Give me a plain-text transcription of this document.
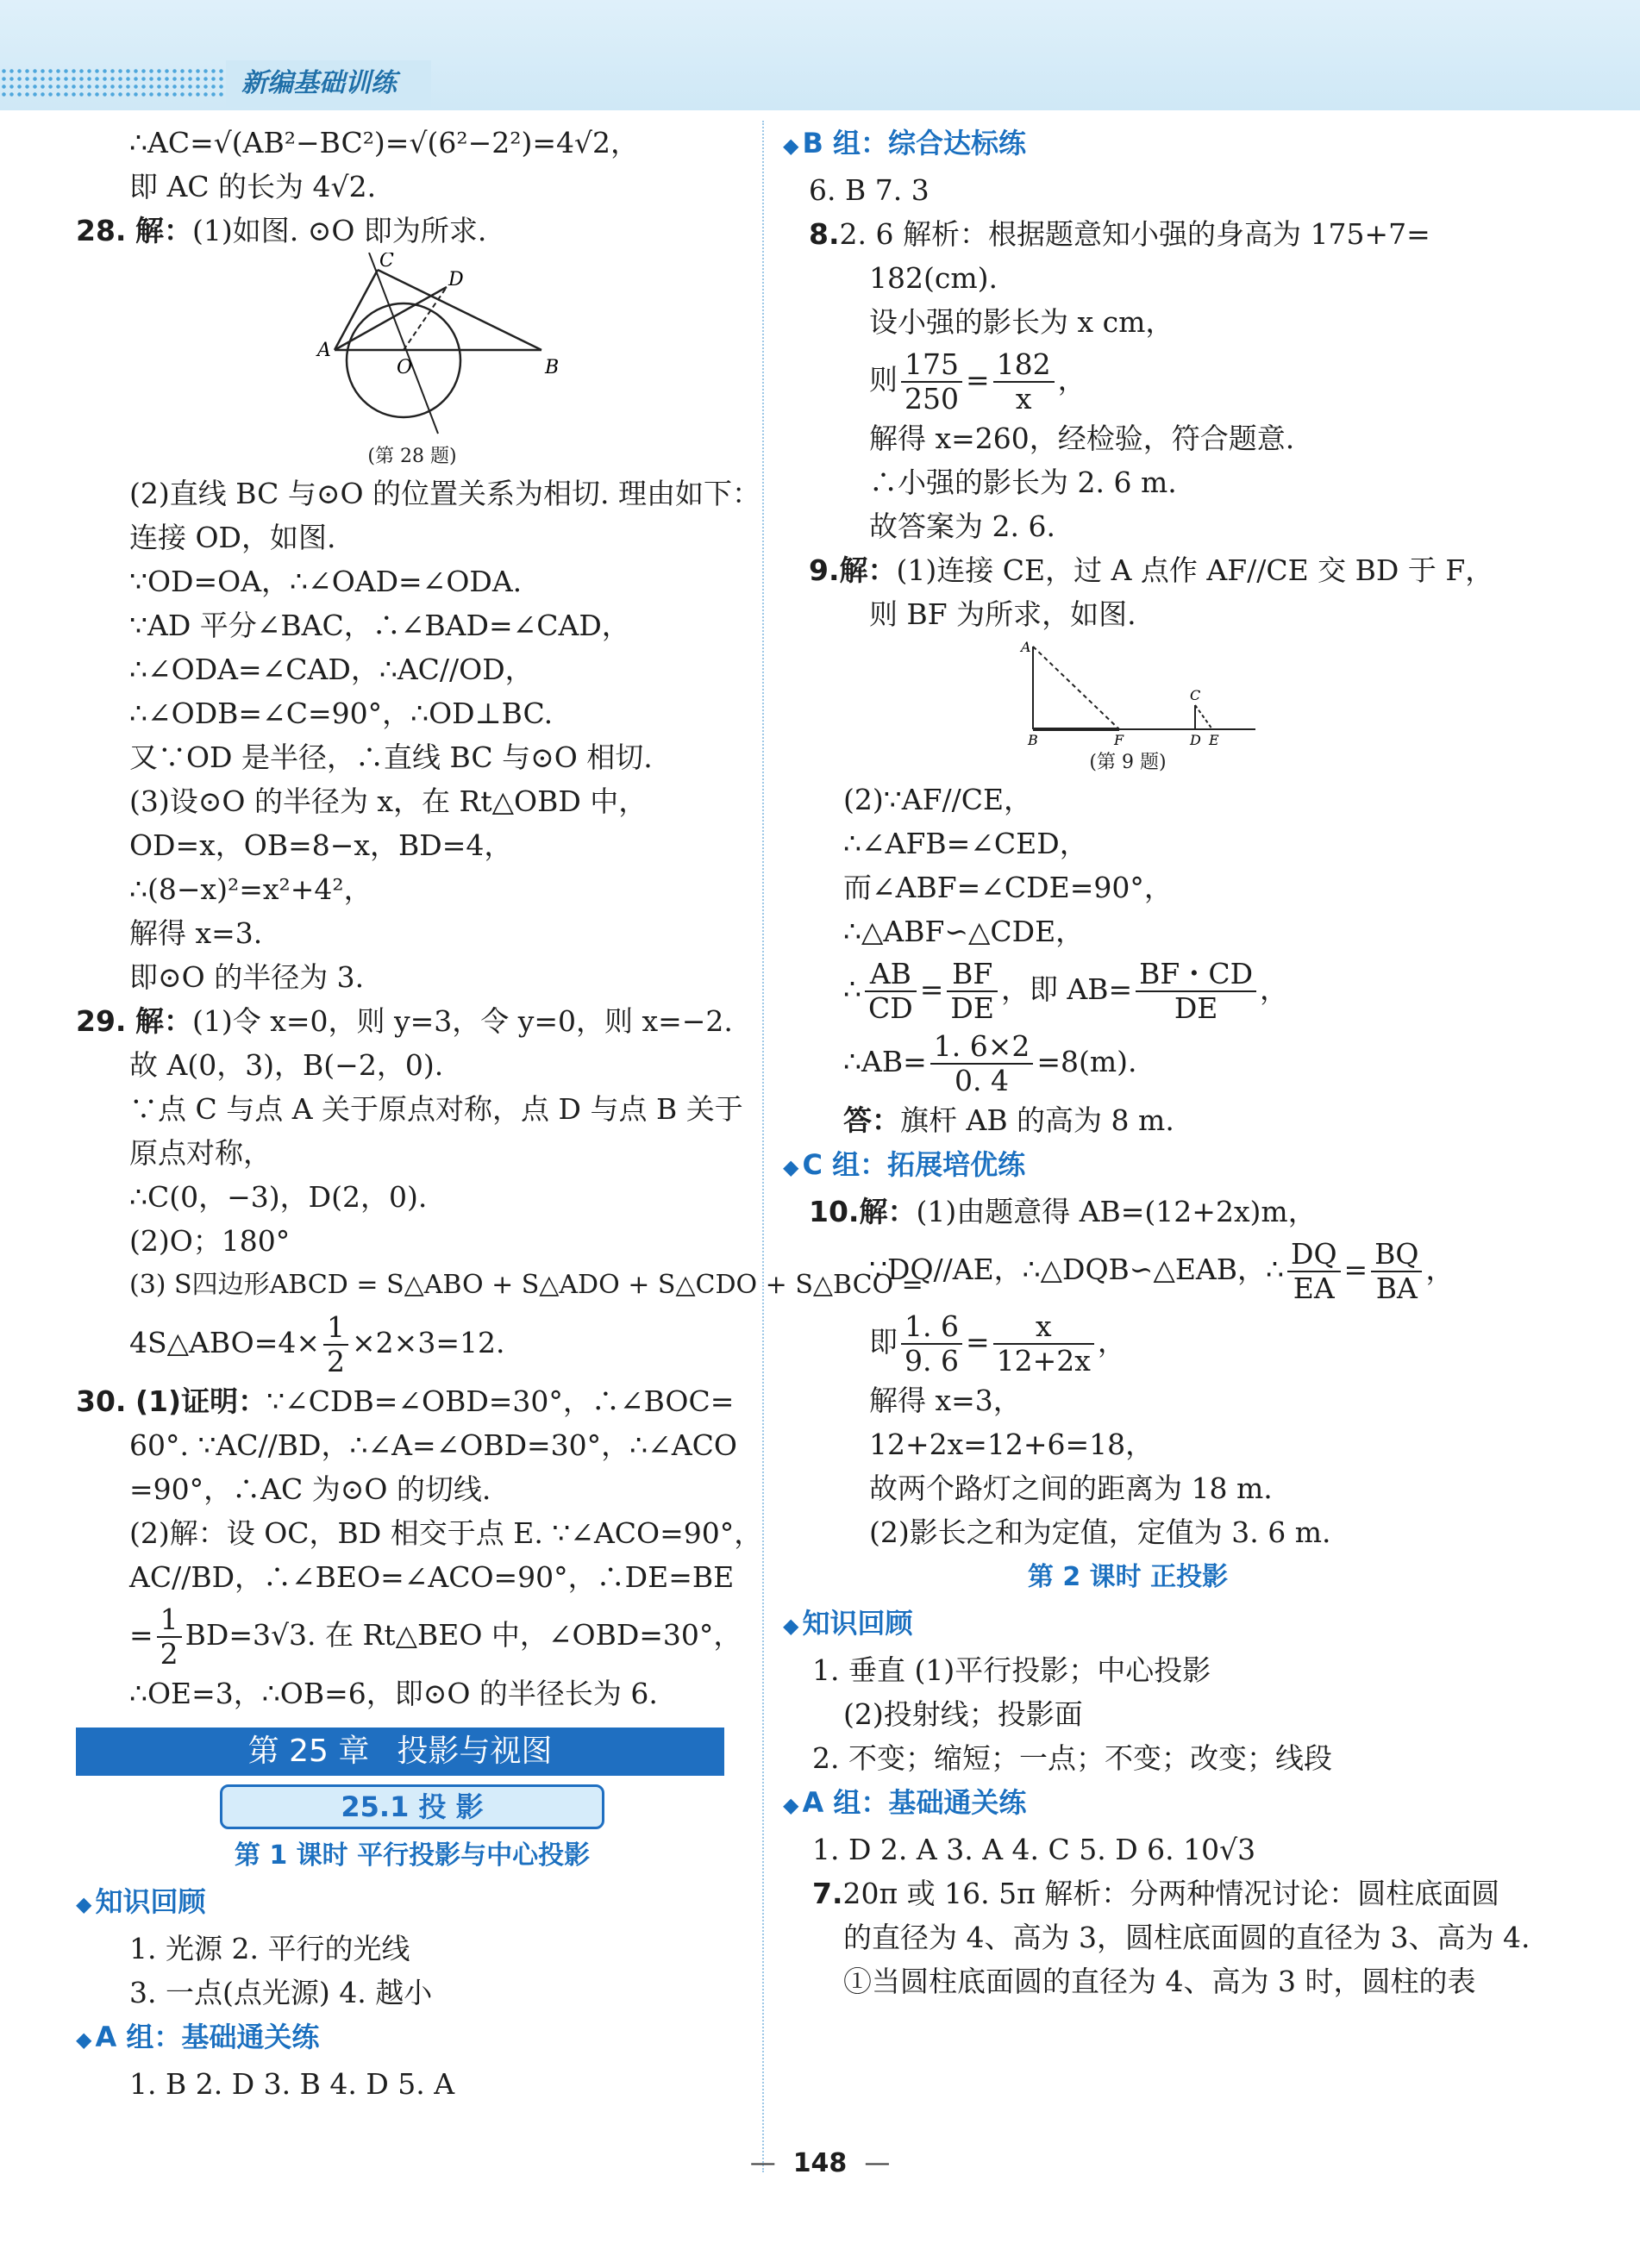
新编基础训练
∴AC=√(AB²−BC²)=√(6²−2²)=4√2，
即 AC 的长为 4√2.
28. 解：(1)如图. ⊙O 即为所求.
C
D
A
O	B
(第 28 题)
(2)直线 BC 与⊙O 的位置关系为相切. 理由如下：
连接 OD，如图.
∵OD=OA，∴∠OAD=∠ODA.
∵AD 平分∠BAC，∴∠BAD=∠CAD，
∴∠ODA=∠CAD，∴AC//OD，
∴∠ODB=∠C=90°，∴OD⊥BC.
又∵OD 是半径，∴直线 BC 与⊙O 相切.
(3)设⊙O 的半径为 x，在 Rt△OBD 中，
OD=x，OB=8−x，BD=4，
∴(8−x)²=x²+4²，
解得 x=3.
即⊙O 的半径为 3.
29. 解：(1)令 x=0，则 y=3，令 y=0，则 x=−2.
故 A(0，3)，B(−2，0).
∵点 C 与点 A 关于原点对称，点 D 与点 B 关于
原点对称，
∴C(0，−3)，D(2，0).
(2)O；180°
(3) S四边形ABCD = S△ABO + S△ADO + S△CDO + S△BCO =
4S△ABO=4× $\frac{1}{2} \times 2\times 3=12$.
30. (1)证明：∵∠CDB=∠OBD=30°，∴∠BOC=
60°. ∵AC//BD，∴∠A=∠OBD=30°，∴∠ACO
=90°，∴AC 为⊙O 的切线.
(2)解：设 OC，BD 相交于点 E. ∵∠ACO=90°，
AC//BD，∴∠BEO=∠ACO=90°，∴DE=BE
= $\frac{1}{2} BD=3√3$. 在 Rt△BEO 中，∠OBD=30°，
∴OE=3，∴OB=6，即⊙O 的半径长为 6.
第 25 章 投影与视图
25.1 投 影
第 1 课时 平行投影与中心投影
◆ 知识回顾
1. 光源 2. 平行的光线
3. 一点(点光源) 4. 越小
◆ A 组：基础通关练
1. B 2. D 3. B 4. D 5. A
◆ B 组：综合达标练
6. B 7. 3
8.2. 6 解析：根据题意知小强的身高为 175+7=
182(cm).
设小强的影长为 x cm，
则 $\frac{175}{250} = \frac{182}{x}$ ，
解得 x=260，经检验，符合题意.
∴小强的影长为 2. 6 m.
故答案为 2. 6.
9.解：(1)连接 CE，过 A 点作 AF//CE 交 BD 于 F，
则 BF 为所求，如图.
A
C
B	F	D E
(第 9 题)
(2)∵AF//CE，
∴∠AFB=∠CED，
而∠ABF=∠CDE=90°，
∴△ABF∽△CDE，
∴ $\frac{AB}{CD} = \frac{BF}{DE}$ ，即 $AB= \frac{BF・CD}{DE}$ ，
∴AB= $\frac{1. 6\times 2}{0. 4} =8(m)$.
答：旗杆 AB 的高为 8 m.
◆ C 组：拓展培优练
10.解：(1)由题意得 AB=(12+2x)m，
∵DQ//AE，∴△DQB∽△EAB，∴ $\frac{DQ}{EA} = \frac{BQ}{BA}$ ，
即 $\frac{1. 6}{9. 6} = \frac{x}{12+2x}$ ，
解得 x=3，
12+2x=12+6=18，
故两个路灯之间的距离为 18 m.
(2)影长之和为定值，定值为 3. 6 m.
第 2 课时 正投影
◆ 知识回顾
1. 垂直 (1)平行投影；中心投影
(2)投射线；投影面
2. 不变；缩短；一点；不变；改变；线段
◆ A 组：基础通关练
1. D 2. A 3. A 4. C 5. D 6. 10√3
7.20π 或 16. 5π 解析：分两种情况讨论：圆柱底面圆
的直径为 4、高为 3，圆柱底面圆的直径为 3、高为 4.
①当圆柱底面圆的直径为 4、高为 3 时，圆柱的表
— 148 —
